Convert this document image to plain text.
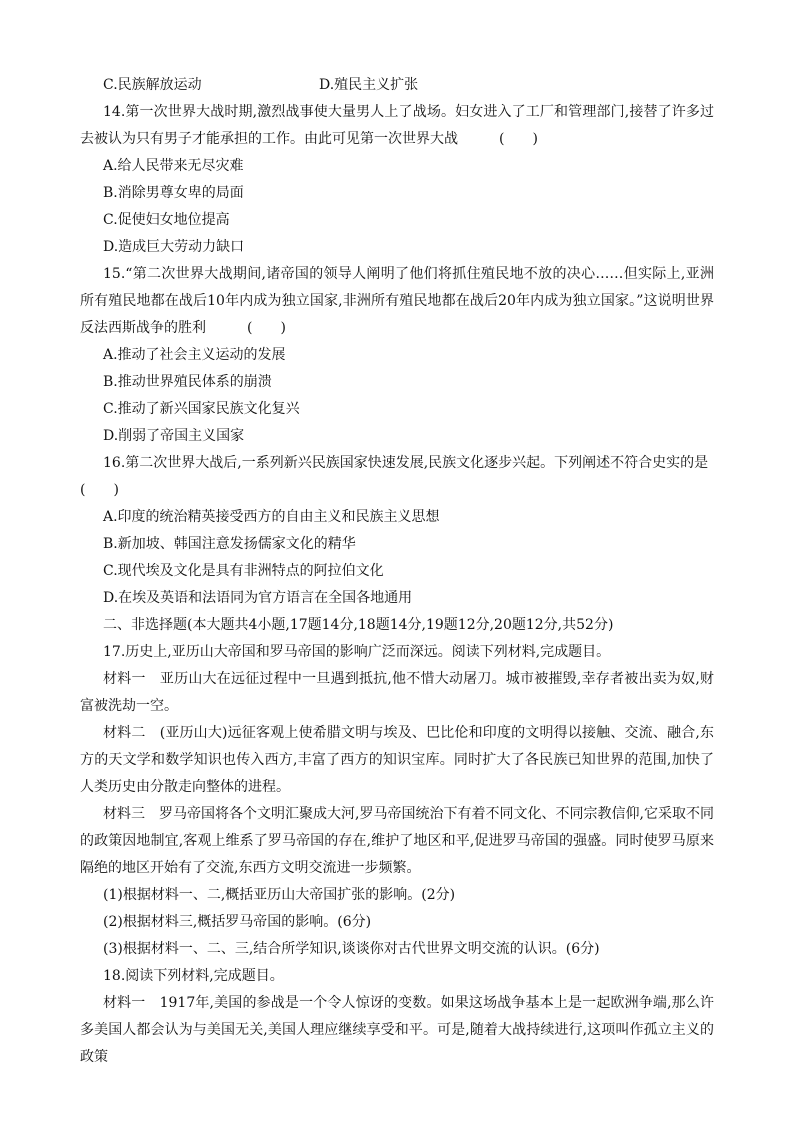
C.民族解放运动	D.殖民主义扩张

14.第一次世界大战时期,激烈战事使大量男人上了战场。妇女进入了工厂和管理部门,接替了许多过去被认为只有男子才能承担的工作。由此可见第一次世界大战	(　　)

A.给人民带来无尽灾难
B.消除男尊女卑的局面
C.促使妇女地位提高
D.造成巨大劳动力缺口

15.“第二次世界大战期间,诸帝国的领导人阐明了他们将抓住殖民地不放的决心……但实际上,亚洲所有殖民地都在战后10年内成为独立国家,非洲所有殖民地都在战后20年内成为独立国家。”这说明世界反法西斯战争的胜利	(　　)

A.推动了社会主义运动的发展
B.推动世界殖民体系的崩溃
C.推动了新兴国家民族文化复兴
D.削弱了帝国主义国家

16.第二次世界大战后,一系列新兴民族国家快速发展,民族文化逐步兴起。下列阐述不符合史实的是

(　　)
A.印度的统治精英接受西方的自由主义和民族主义思想
B.新加坡、韩国注意发扬儒家文化的精华
C.现代埃及文化是具有非洲特点的阿拉伯文化
D.在埃及英语和法语同为官方语言在全国各地通用
二、非选择题(本大题共4小题,17题14分,18题14分,19题12分,20题12分,共52分)
17.历史上,亚历山大帝国和罗马帝国的影响广泛而深远。阅读下列材料,完成题目。

材料一　亚历山大在远征过程中一旦遇到抵抗,他不惜大动屠刀。城市被摧毁,幸存者被出卖为奴,财富被洗劫一空。

材料二　(亚历山大)远征客观上使希腊文明与埃及、巴比伦和印度的文明得以接触、交流、融合,东方的天文学和数学知识也传入西方,丰富了西方的知识宝库。同时扩大了各民族已知世界的范围,加快了人类历史由分散走向整体的进程。

材料三　罗马帝国将各个文明汇聚成大河,罗马帝国统治下有着不同文化、不同宗教信仰,它采取不同的政策因地制宜,客观上维系了罗马帝国的存在,维护了地区和平,促进罗马帝国的强盛。同时使罗马原来隔绝的地区开始有了交流,东西方文明交流进一步频繁。

(1)根据材料一、二,概括亚历山大帝国扩张的影响。(2分)
(2)根据材料三,概括罗马帝国的影响。(6分)
(3)根据材料一、二、三,结合所学知识,谈谈你对古代世界文明交流的认识。(6分)
18.阅读下列材料,完成题目。

材料一　1917年,美国的参战是一个令人惊讶的变数。如果这场战争基本上是一起欧洲争端,那么许多美国人都会认为与美国无关,美国人理应继续享受和平。可是,随着大战持续进行,这项叫作孤立主义的政策
